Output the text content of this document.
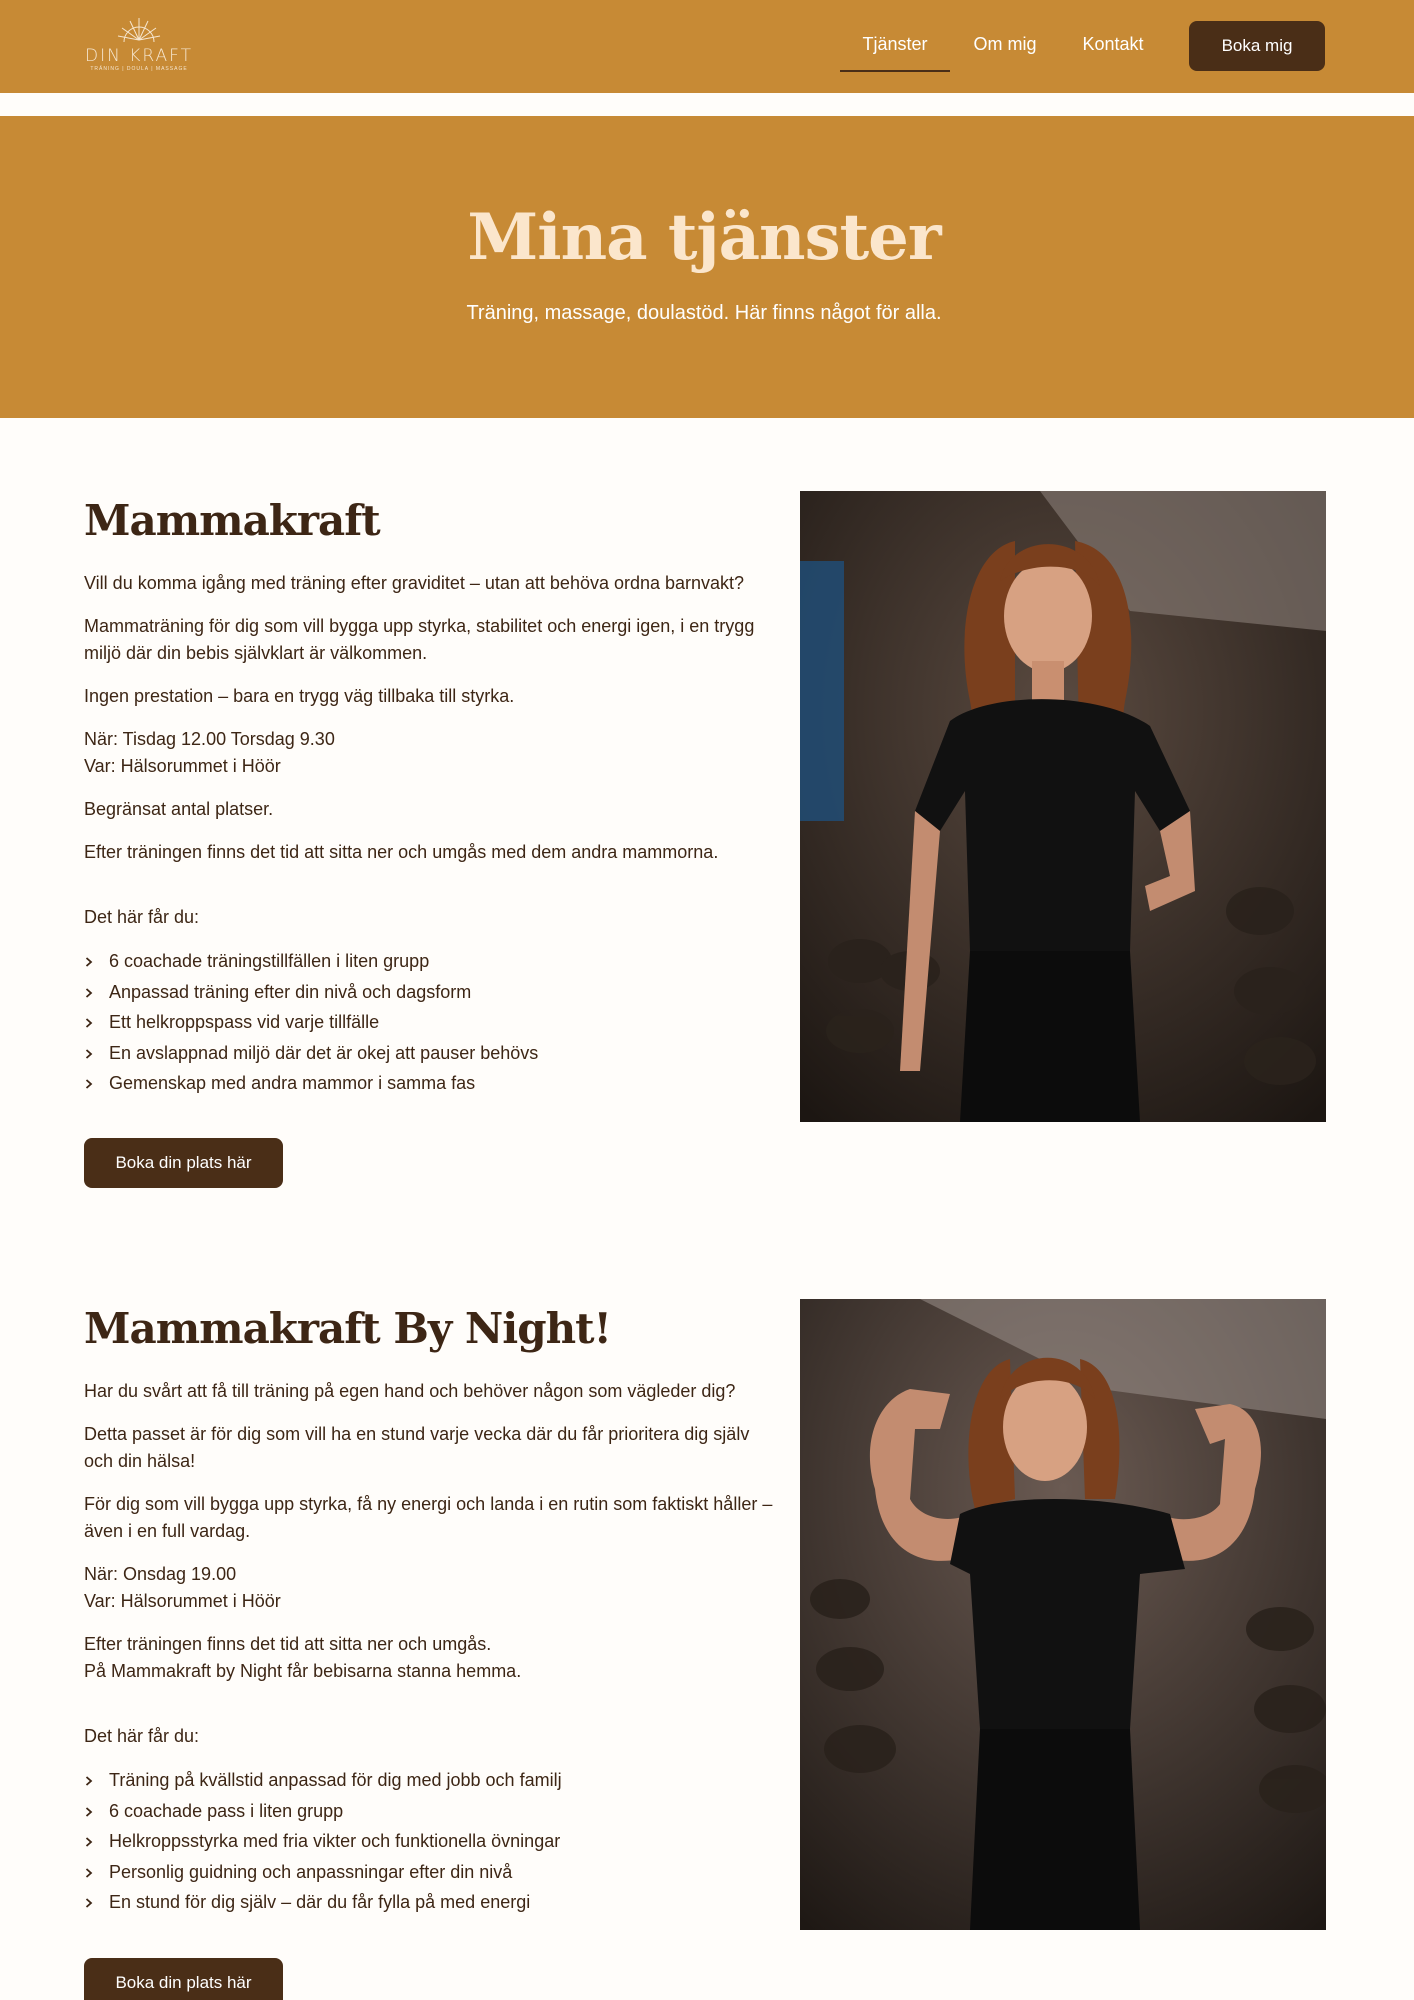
DIN KRAFT
TRÄNING | DOULA | MASSAGE
Tjänster	Om mig	Kontakt	Boka mig
Mina tjänster

Träning, massage, doulastöd. Här finns något för alla.

Mammakraft

Vill du komma igång med träning efter graviditet – utan att behöva ordna barnvakt?

Mammaträning för dig som vill bygga upp styrka, stabilitet och energi igen, i en trygg miljö där din bebis självklart är välkommen.

Ingen prestation – bara en trygg väg tillbaka till styrka.

När: Tisdag 12.00 Torsdag 9.30

Var: Hälsorummet i Höör

Begränsat antal platser.

Efter träningen finns det tid att sitta ner och umgås med dem andra mammorna.

Det här får du:

6 coachade träningstillfällen i liten grupp
Anpassad träning efter din nivå och dagsform
Ett helkroppspass vid varje tillfälle
En avslappnad miljö där det är okej att pauser behövs
Gemenskap med andra mammor i samma fas
Boka din plats här
Mammakraft By Night!

Har du svårt att få till träning på egen hand och behöver någon som vägleder dig?

Detta passet är för dig som vill ha en stund varje vecka där du får prioritera dig själv och din hälsa!

För dig som vill bygga upp styrka, få ny energi och landa i en rutin som faktiskt håller – även i en full vardag.

När: Onsdag 19.00

Var: Hälsorummet i Höör

Efter träningen finns det tid att sitta ner och umgås.

På Mammakraft by Night får bebisarna stanna hemma.

Det här får du:

Träning på kvällstid anpassad för dig med jobb och familj
6 coachade pass i liten grupp
Helkroppsstyrka med fria vikter och funktionella övningar
Personlig guidning och anpassningar efter din nivå
En stund för dig själv – där du får fylla på med energi
Boka din plats här
